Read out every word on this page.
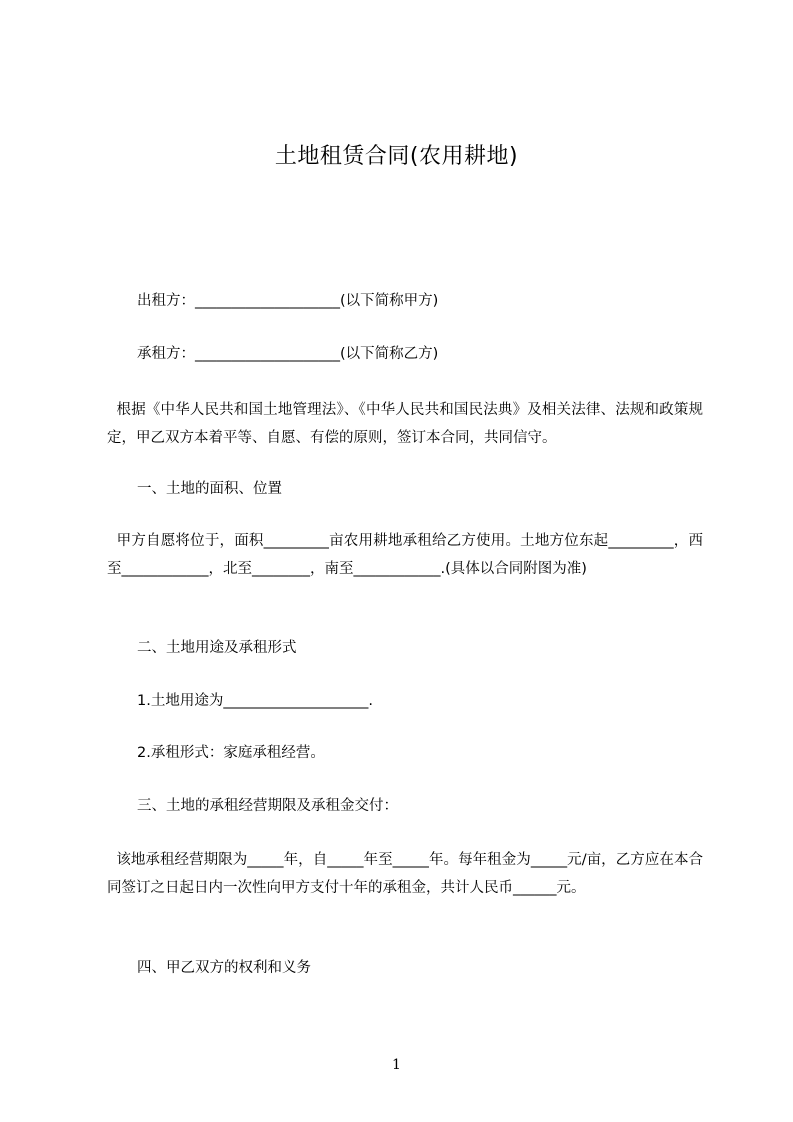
土地租赁合同(农用耕地)
出租方：____________________(以下简称甲方)
承租方：____________________(以下简称乙方)
根据《中华人民共和国土地管理法》、《中华人民共和国民法典》及相关法律、法规和政策规定，甲乙双方本着平等、自愿、有偿的原则，签订本合同，共同信守。
一、土地的面积、位置
甲方自愿将位于，面积_________亩农用耕地承租给乙方使用。土地方位东起_________，西至____________，北至________，南至____________.(具体以合同附图为准)
二、土地用途及承租形式
1.土地用途为____________________.
2.承租形式：家庭承租经营。
三、土地的承租经营期限及承租金交付：
该地承租经营期限为_____年，自_____年至_____年。每年租金为_____元/亩，乙方应在本合同签订之日起日内一次性向甲方支付十年的承租金，共计人民币______元。
四、甲乙双方的权利和义务
1
